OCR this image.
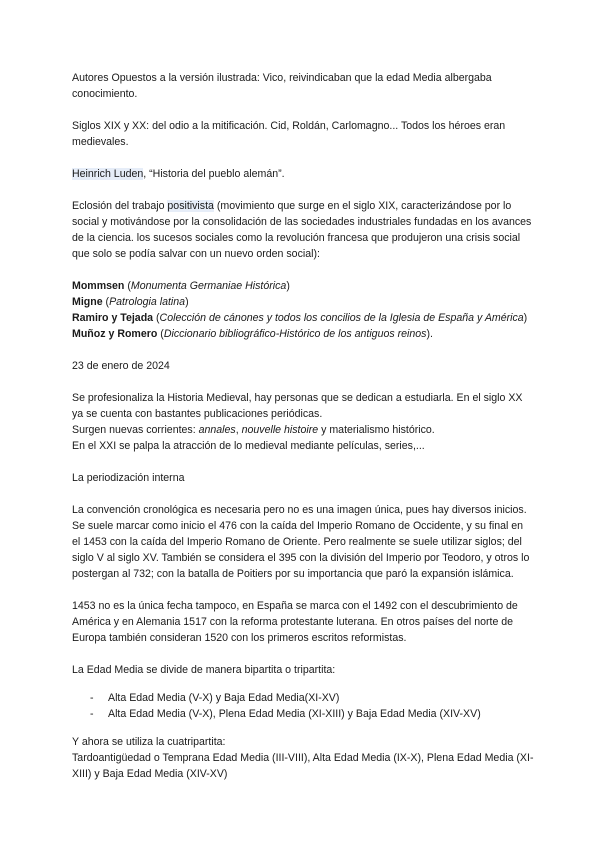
Autores Opuestos a la versión ilustrada: Vico, reivindicaban que la edad Media albergaba conocimiento.

Siglos XIX y XX: del odio a la mitificación. Cid, Roldán, Carlomagno... Todos los héroes eran medievales.

Heinrich Luden, “Historia del pueblo alemán”.

Eclosión del trabajo positivista (movimiento que surge en el siglo XIX, caracterizándose por lo social y motivándose por la consolidación de las sociedades industriales fundadas en los avances de la ciencia. los sucesos sociales como la revolución francesa que produjeron una crisis social que solo se podía salvar con un nuevo orden social):

Mommsen (Monumenta Germaniae Histórica)

Migne (Patrologia latina)

Ramiro y Tejada (Colección de cánones y todos los concilios de la Iglesia de España y América)

Muñoz y Romero (Diccionario bibliográfico-Histórico de los antiguos reinos).

23 de enero de 2024

Se profesionaliza la Historia Medieval, hay personas que se dedican a estudiarla. En el siglo XX ya se cuenta con bastantes publicaciones periódicas.

Surgen nuevas corrientes: annales, nouvelle histoire y materialismo histórico.

En el XXI se palpa la atracción de lo medieval mediante películas, series,...

La periodización interna

La convención cronológica es necesaria pero no es una imagen única, pues hay diversos inicios.

Se suele marcar como inicio el 476 con la caída del Imperio Romano de Occidente, y su final en el 1453 con la caída del Imperio Romano de Oriente. Pero realmente se suele utilizar siglos; del siglo V al siglo XV. También se considera el 395 con la división del Imperio por Teodoro, y otros lo postergan al 732; con la batalla de Poitiers por su importancia que paró la expansión islámica.

1453 no es la única fecha tampoco, en España se marca con el 1492 con el descubrimiento de América y en Alemania 1517 con la reforma protestante luterana. En otros países del norte de Europa también consideran 1520 con los primeros escritos reformistas.

La Edad Media se divide de manera bipartita o tripartita:

- Alta Edad Media (V-X) y Baja Edad Media(XI-XV)
- Alta Edad Media (V-X), Plena Edad Media (XI-XIII) y Baja Edad Media (XIV-XV)

Y ahora se utiliza la cuatripartita:

Tardoantigüedad o Temprana Edad Media (III-VIII), Alta Edad Media (IX-X), Plena Edad Media (XI-XIII) y Baja Edad Media (XIV-XV)
